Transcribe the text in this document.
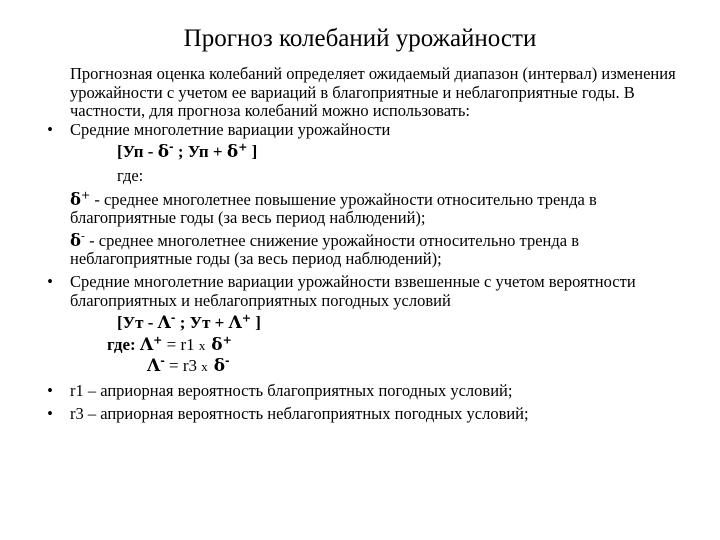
Прогноз колебаний урожайности
Прогнозная оценка колебаний определяет ожидаемый диапазон (интервал) изменения урожайности с учетом ее вариаций в благоприятные и неблагоприятные годы. В частности, для прогноза колебаний можно использовать:
•	Средние многолетние вариации урожайности
[Уп - δ- ; Уп + δ+ ]
где:
δ+ - среднее многолетнее повышение урожайности относительно тренда в благоприятные годы (за весь период наблюдений);
δ- - среднее многолетнее снижение урожайности относительно тренда в неблагоприятные годы (за весь период наблюдений);
•	Средние многолетние вариации урожайности взвешенные с учетом вероятности благоприятных и неблагоприятных погодных условий
[Ут - Λ- ; Ут + Λ+ ]
где: Λ+ = r1 x δ+
Λ- = r3 x δ-
•	r1 – априорная вероятность благоприятных погодных условий;
•	r3 – априорная вероятность неблагоприятных погодных условий;
